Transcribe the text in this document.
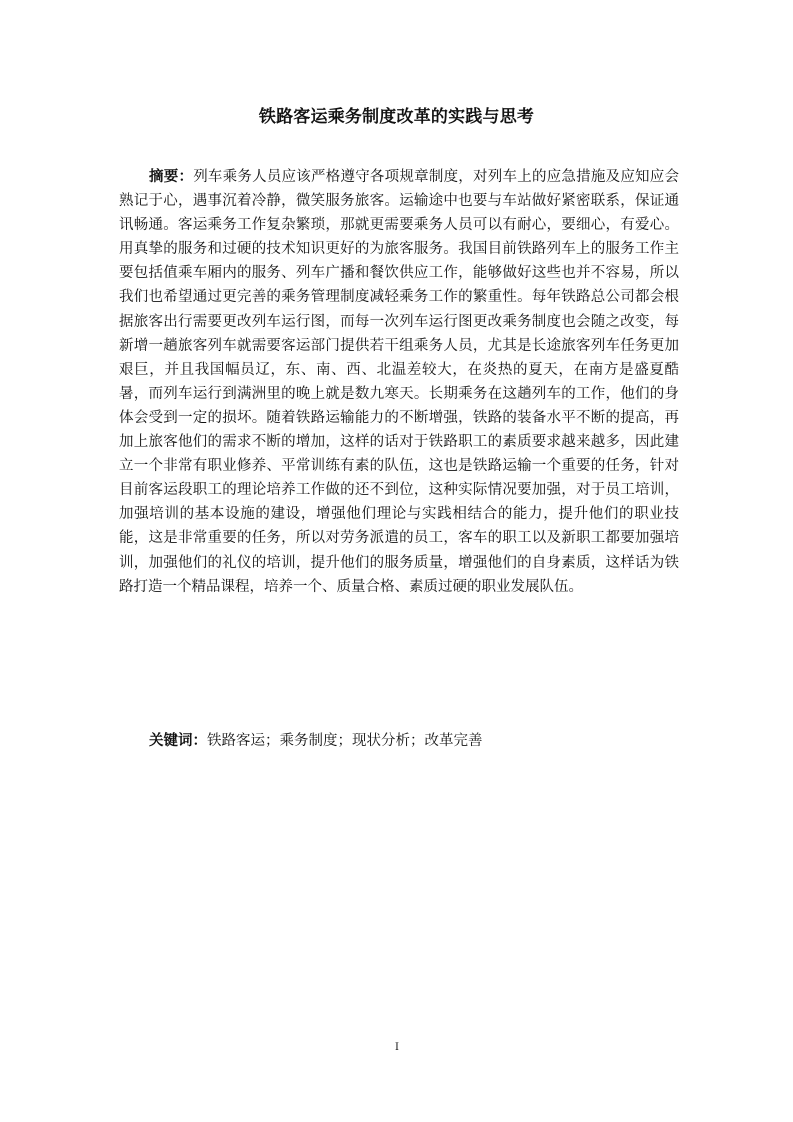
铁路客运乘务制度改革的实践与思考
摘要：列车乘务人员应该严格遵守各项规章制度，对列车上的应急措施及应知应会熟记于心，遇事沉着冷静，微笑服务旅客。运输途中也要与车站做好紧密联系，保证通讯畅通。客运乘务工作复杂繁琐，那就更需要乘务人员可以有耐心，要细心，有爱心。用真挚的服务和过硬的技术知识更好的为旅客服务。我国目前铁路列车上的服务工作主要包括值乘车厢内的服务、列车广播和餐饮供应工作，能够做好这些也并不容易，所以我们也希望通过更完善的乘务管理制度减轻乘务工作的繁重性。每年铁路总公司都会根据旅客出行需要更改列车运行图，而每一次列车运行图更改乘务制度也会随之改变，每新增一趟旅客列车就需要客运部门提供若干组乘务人员，尤其是长途旅客列车任务更加艰巨，并且我国幅员辽，东、南、西、北温差较大，在炎热的夏天，在南方是盛夏酷暑，而列车运行到满洲里的晚上就是数九寒天。长期乘务在这趟列车的工作，他们的身体会受到一定的损坏。随着铁路运输能力的不断增强，铁路的装备水平不断的提高，再加上旅客他们的需求不断的增加，这样的话对于铁路职工的素质要求越来越多，因此建立一个非常有职业修养、平常训练有素的队伍，这也是铁路运输一个重要的任务，针对目前客运段职工的理论培养工作做的还不到位，这种实际情况要加强，对于员工培训，加强培训的基本设施的建设，增强他们理论与实践相结合的能力，提升他们的职业技能，这是非常重要的任务，所以对劳务派遣的员工，客车的职工以及新职工都要加强培训，加强他们的礼仪的培训，提升他们的服务质量，增强他们的自身素质，这样话为铁路打造一个精品课程，培养一个、质量合格、素质过硬的职业发展队伍。
关键词：铁路客运；乘务制度；现状分析；改革完善
I
